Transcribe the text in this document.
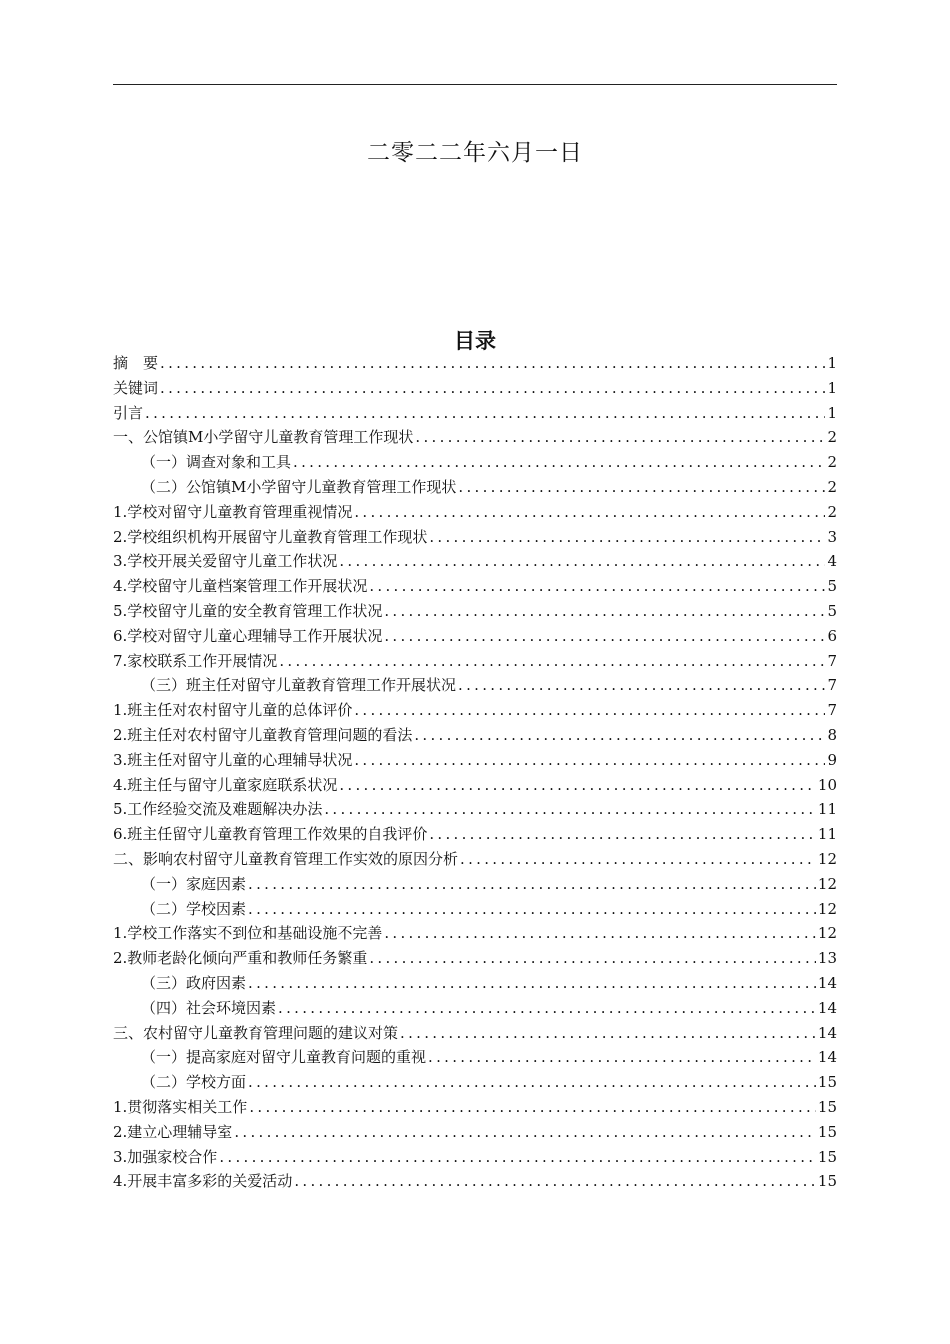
二零二二年六月一日
目录
摘　要 .....	1
关键词 .....	1
引言 .....	1
一、公馆镇M小学留守儿童教育管理工作现状 .....	2
（一）调查对象和工具 .....	2
（二）公馆镇M小学留守儿童教育管理工作现状 .....	2
1.学校对留守儿童教育管理重视情况 .....	2
2.学校组织机构开展留守儿童教育管理工作现状 .....	3
3.学校开展关爱留守儿童工作状况 .....	4
4.学校留守儿童档案管理工作开展状况 .....	5
5.学校留守儿童的安全教育管理工作状况 .....	5
6.学校对留守儿童心理辅导工作开展状况 .....	6
7.家校联系工作开展情况 .....	7
（三）班主任对留守儿童教育管理工作开展状况 .....	7
1.班主任对农村留守儿童的总体评价 .....	7
2.班主任对农村留守儿童教育管理问题的看法 .....	8
3.班主任对留守儿童的心理辅导状况 .....	9
4.班主任与留守儿童家庭联系状况 .....	10
5.工作经验交流及难题解决办法 .....	11
6.班主任留守儿童教育管理工作效果的自我评价 .....	11
二、影响农村留守儿童教育管理工作实效的原因分析 .....	12
（一）家庭因素 .....	12
（二）学校因素 .....	12
1.学校工作落实不到位和基础设施不完善 .....	12
2.教师老龄化倾向严重和教师任务繁重 .....	13
（三）政府因素 .....	14
（四）社会环境因素 .....	14
三、农村留守儿童教育管理问题的建议对策 .....	14
（一）提高家庭对留守儿童教育问题的重视 .....	14
（二）学校方面 .....	15
1.贯彻落实相关工作 .....	15
2.建立心理辅导室 .....	15
3.加强家校合作 .....	15
4.开展丰富多彩的关爱活动 .....	15
